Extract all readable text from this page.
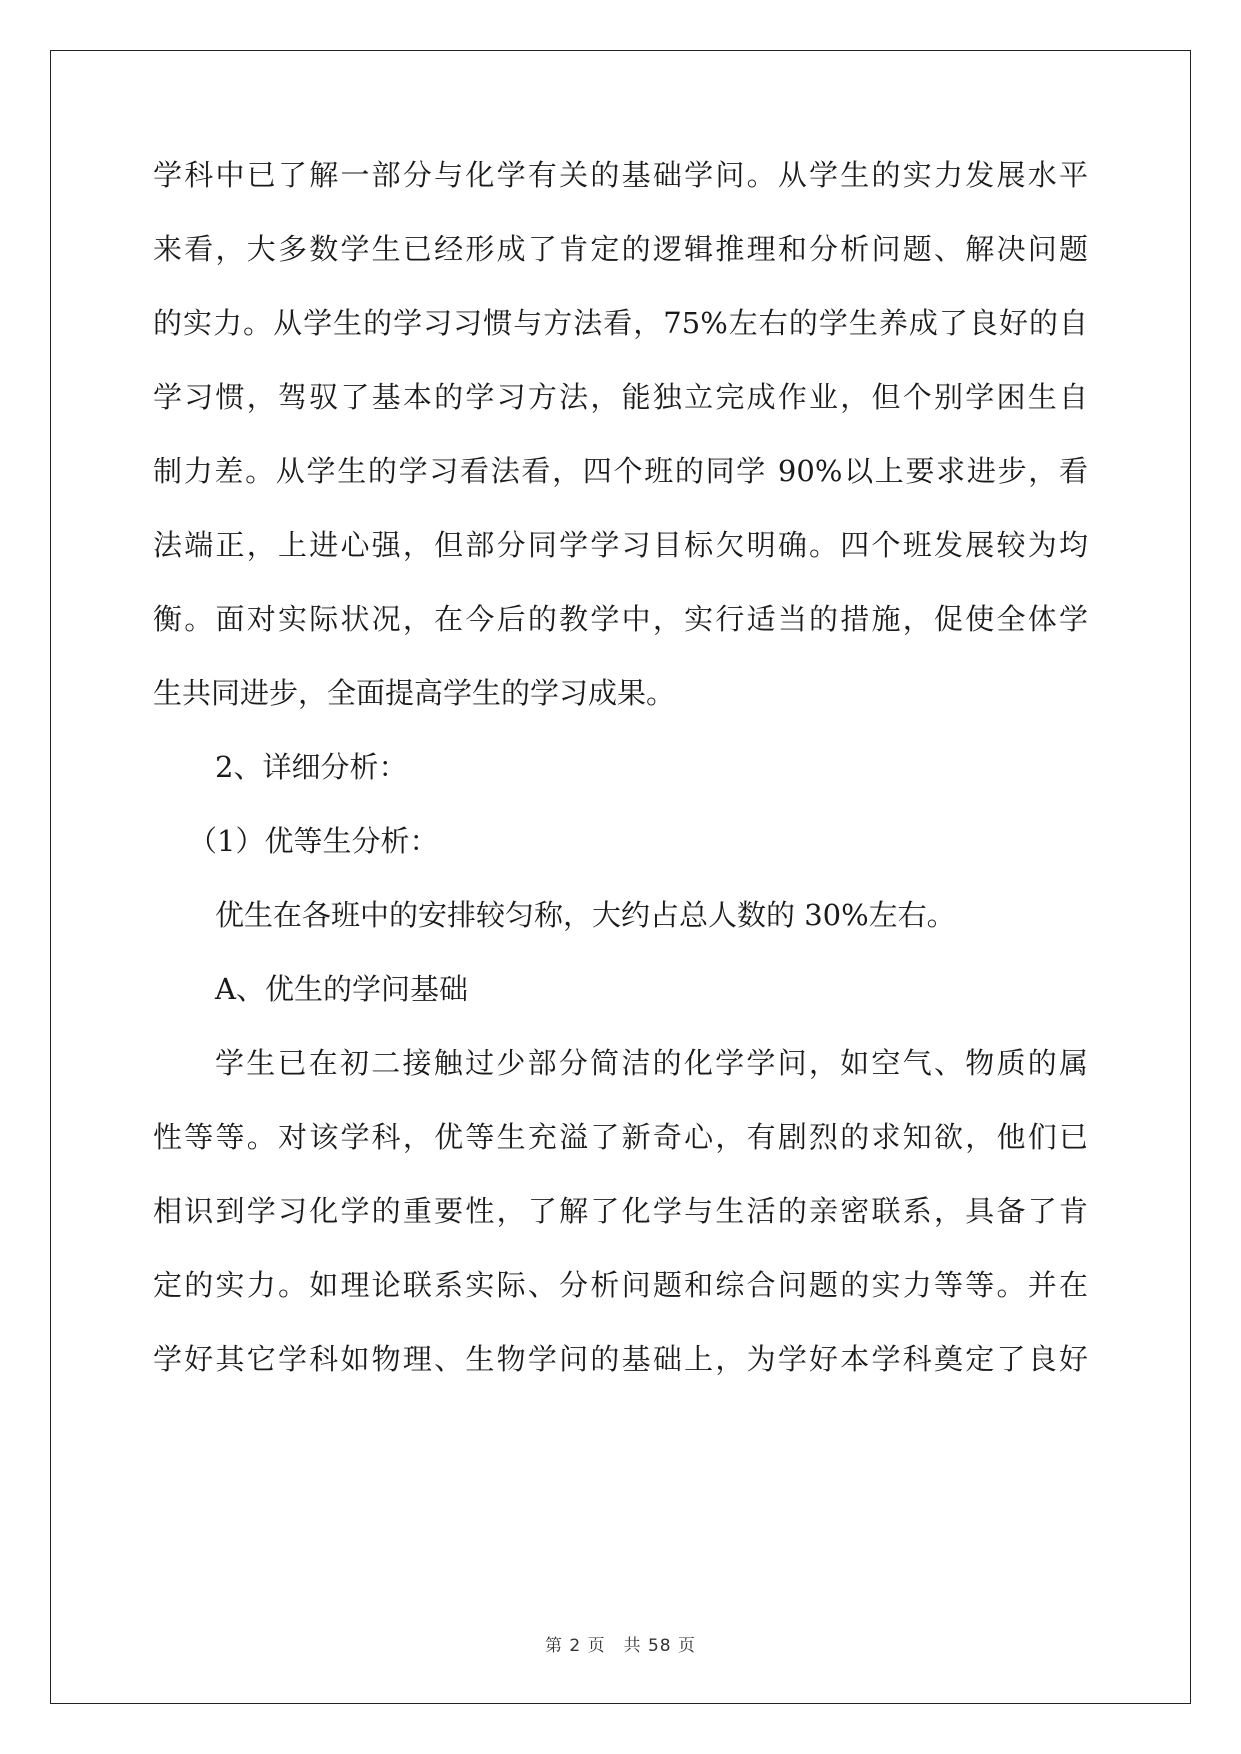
学科中已了解一部分与化学有关的基础学问。从学生的实力发展水平
来看，大多数学生已经形成了肯定的逻辑推理和分析问题、解决问题
的实力。从学生的学习习惯与方法看，75%左右的学生养成了良好的自
学习惯，驾驭了基本的学习方法，能独立完成作业，但个别学困生自
制力差。从学生的学习看法看，四个班的同学 90%以上要求进步，看
法端正，上进心强，但部分同学学习目标欠明确。四个班发展较为均
衡。面对实际状况，在今后的教学中，实行适当的措施，促使全体学
生共同进步，全面提高学生的学习成果。
2、详细分析：
（1）优等生分析：
优生在各班中的安排较匀称，大约占总人数的 30%左右。
A、优生的学问基础
学生已在初二接触过少部分简洁的化学学问，如空气、物质的属
性等等。对该学科，优等生充溢了新奇心，有剧烈的求知欲，他们已
相识到学习化学的重要性，了解了化学与生活的亲密联系，具备了肯
定的实力。如理论联系实际、分析问题和综合问题的实力等等。并在
学好其它学科如物理、生物学问的基础上，为学好本学科奠定了良好
第 2 页　共 58 页
